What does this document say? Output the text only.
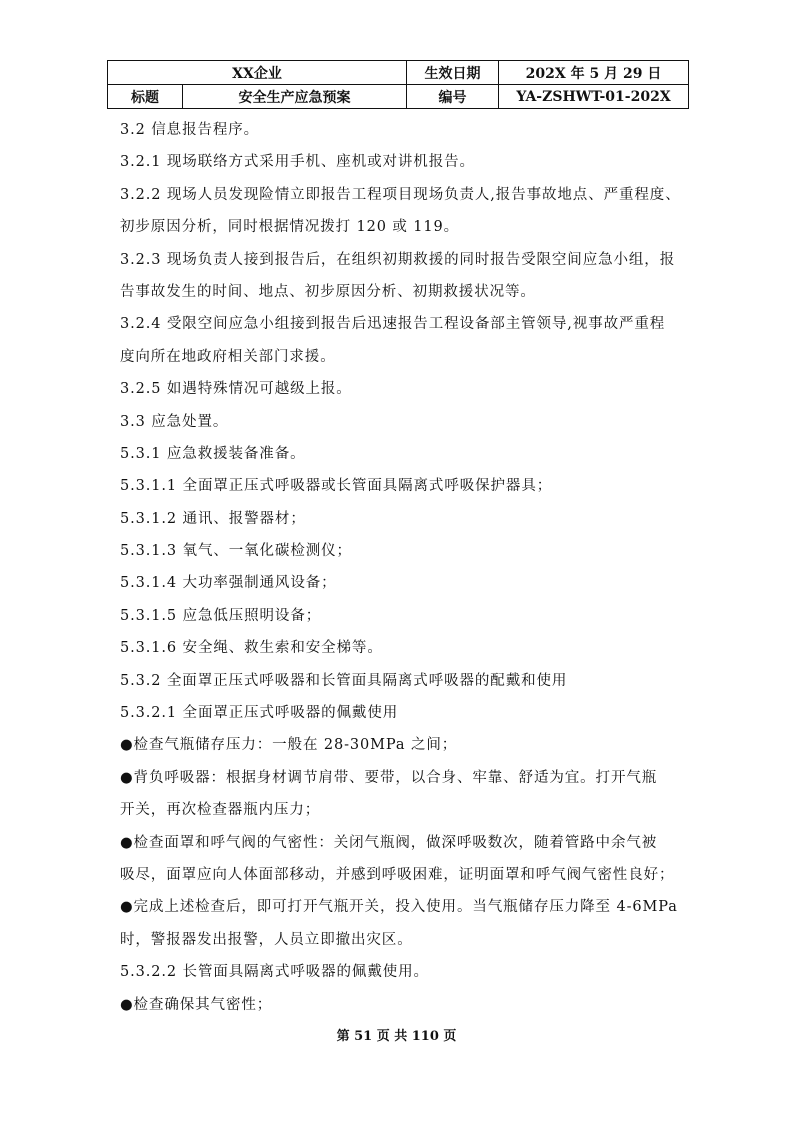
XX企业		生效日期	202X 年 5 月 29 日
标题	安全生产应急预案	编号	YA-ZSHWT-01-202X
3.2 信息报告程序。
3.2.1 现场联络方式采用手机、座机或对讲机报告。
3.2.2 现场人员发现险情立即报告工程项目现场负责人,报告事故地点、严重程度、
初步原因分析，同时根据情况拨打 120 或 119。
3.2.3 现场负责人接到报告后，在组织初期救援的同时报告受限空间应急小组，报
告事故发生的时间、地点、初步原因分析、初期救援状况等。
3.2.4 受限空间应急小组接到报告后迅速报告工程设备部主管领导,视事故严重程
度向所在地政府相关部门求援。
3.2.5 如遇特殊情况可越级上报。
3.3 应急处置。
5.3.1 应急救援装备准备。
5.3.1.1 全面罩正压式呼吸器或长管面具隔离式呼吸保护器具；
5.3.1.2 通讯、报警器材；
5.3.1.3 氧气、一氧化碳检测仪；
5.3.1.4 大功率强制通风设备；
5.3.1.5 应急低压照明设备；
5.3.1.6 安全绳、救生索和安全梯等。
5.3.2 全面罩正压式呼吸器和长管面具隔离式呼吸器的配戴和使用
5.3.2.1 全面罩正压式呼吸器的佩戴使用
●检查气瓶储存压力：一般在 28-30MPa 之间；
●背负呼吸器：根据身材调节肩带、要带，以合身、牢靠、舒适为宜。打开气瓶
开关，再次检查器瓶内压力；
●检查面罩和呼气阀的气密性：关闭气瓶阀，做深呼吸数次，随着管路中余气被
吸尽，面罩应向人体面部移动，并感到呼吸困难，证明面罩和呼气阀气密性良好；
●完成上述检查后，即可打开气瓶开关，投入使用。当气瓶储存压力降至 4-6MPa
时，警报器发出报警，人员立即撤出灾区。
5.3.2.2 长管面具隔离式呼吸器的佩戴使用。
●检查确保其气密性；
第 51 页 共 110 页
